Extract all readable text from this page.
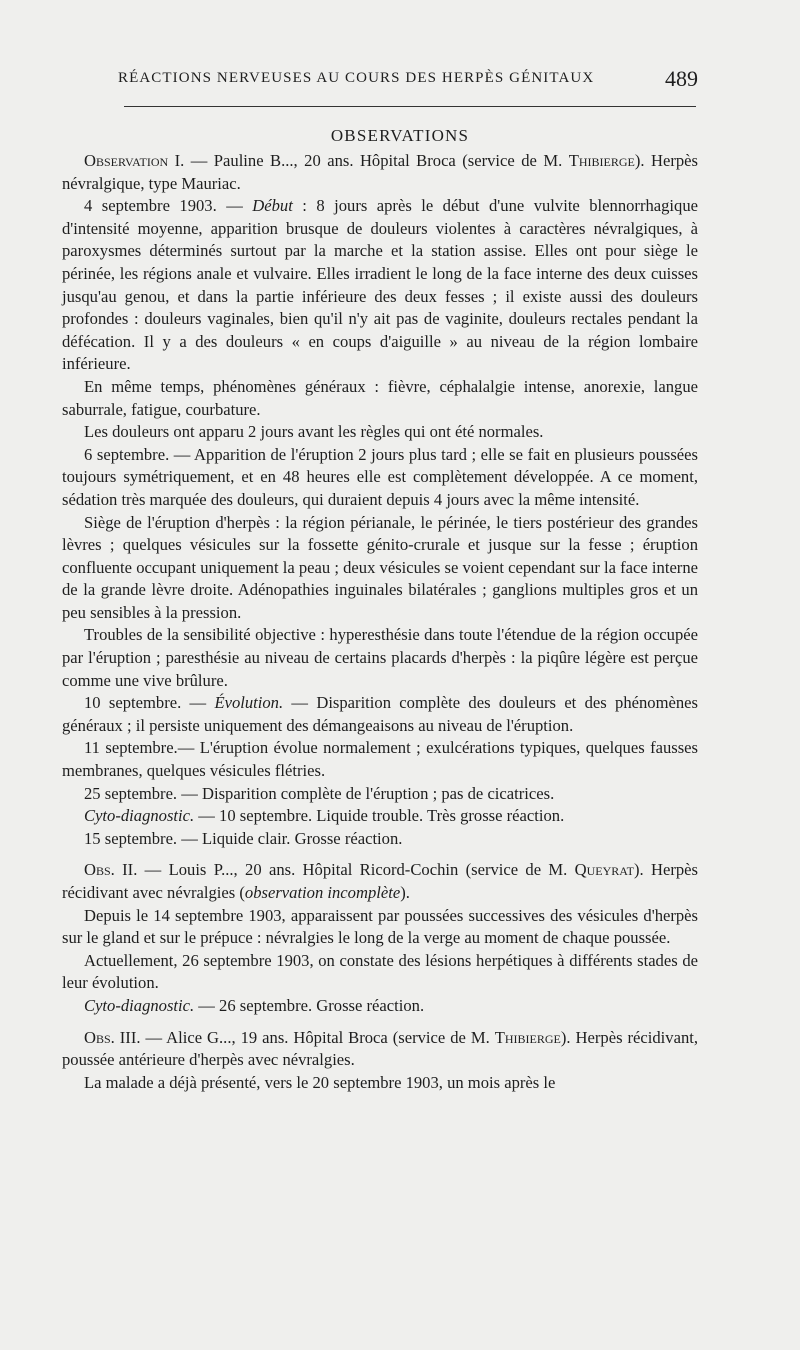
RÉACTIONS NERVEUSES AU COURS DES HERPÈS GÉNITAUX	489
OBSERVATIONS

Observation I. — Pauline B..., 20 ans. Hôpital Broca (service de M. Thibierge). Herpès névralgique, type Mauriac.

4 septembre 1903. — Début : 8 jours après le début d'une vulvite blennorrhagique d'intensité moyenne, apparition brusque de douleurs violentes à caractères névralgiques, à paroxysmes déterminés surtout par la marche et la station assise. Elles ont pour siège le périnée, les régions anale et vulvaire. Elles irradient le long de la face interne des deux cuisses jusqu'au genou, et dans la partie inférieure des deux fesses ; il existe aussi des douleurs profondes : douleurs vaginales, bien qu'il n'y ait pas de vaginite, douleurs rectales pendant la défécation. Il y a des douleurs « en coups d'aiguille » au niveau de la région lombaire inférieure.

En même temps, phénomènes généraux : fièvre, céphalalgie intense, anorexie, langue saburrale, fatigue, courbature.

Les douleurs ont apparu 2 jours avant les règles qui ont été normales.

6 septembre. — Apparition de l'éruption 2 jours plus tard ; elle se fait en plusieurs poussées toujours symétriquement, et en 48 heures elle est complètement développée. A ce moment, sédation très marquée des douleurs, qui duraient depuis 4 jours avec la même intensité.

Siège de l'éruption d'herpès : la région périanale, le périnée, le tiers postérieur des grandes lèvres ; quelques vésicules sur la fossette génito-crurale et jusque sur la fesse ; éruption confluente occupant uniquement la peau ; deux vésicules se voient cependant sur la face interne de la grande lèvre droite. Adénopathies inguinales bilatérales ; ganglions multiples gros et un peu sensibles à la pression.

Troubles de la sensibilité objective : hyperesthésie dans toute l'étendue de la région occupée par l'éruption ; paresthésie au niveau de certains placards d'herpès : la piqûre légère est perçue comme une vive brûlure.

10 septembre. — Évolution. — Disparition complète des douleurs et des phénomènes généraux ; il persiste uniquement des démangeaisons au niveau de l'éruption.

11 septembre.— L'éruption évolue normalement ; exulcérations typiques, quelques fausses membranes, quelques vésicules flétries.

25 septembre. — Disparition complète de l'éruption ; pas de cicatrices.

Cyto-diagnostic. — 10 septembre. Liquide trouble. Très grosse réaction.

15 septembre. — Liquide clair. Grosse réaction.

Obs. II. — Louis P..., 20 ans. Hôpital Ricord-Cochin (service de M. Queyrat). Herpès récidivant avec névralgies (observation incomplète).

Depuis le 14 septembre 1903, apparaissent par poussées successives des vésicules d'herpès sur le gland et sur le prépuce : névralgies le long de la verge au moment de chaque poussée.

Actuellement, 26 septembre 1903, on constate des lésions herpétiques à différents stades de leur évolution.

Cyto-diagnostic. — 26 septembre. Grosse réaction.

Obs. III. — Alice G..., 19 ans. Hôpital Broca (service de M. Thibierge). Herpès récidivant, poussée antérieure d'herpès avec névralgies.

La malade a déjà présenté, vers le 20 septembre 1903, un mois après le
